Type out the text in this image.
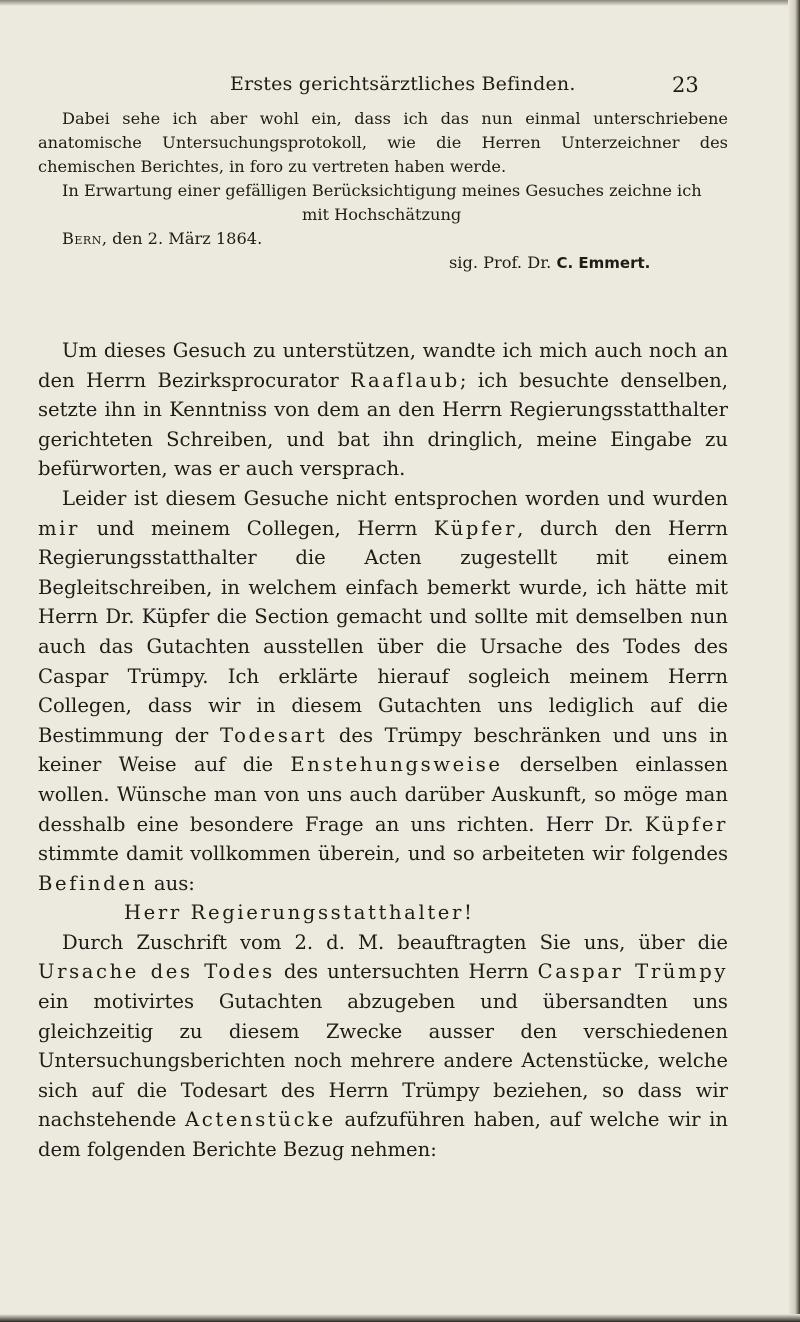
Erstes gerichtsärztliches Befinden.	23

Dabei sehe ich aber wohl ein, dass ich das nun einmal unterschriebene anatomische Untersuchungsprotokoll, wie die Herren Unterzeichner des chemischen Berichtes, in foro zu vertreten haben werde.

In Erwartung einer gefälligen Berücksichtigung meines Gesuches zeichne ich

mit Hochschätzung

Bern, den 2. März 1864.

sig. Prof. Dr. C. Emmert.

Um dieses Gesuch zu unterstützen, wandte ich mich auch noch an den Herrn Bezirksprocurator Raaflaub; ich besuchte denselben, setzte ihn in Kenntniss von dem an den Herrn Regierungsstatthalter gerichteten Schreiben, und bat ihn dringlich, meine Eingabe zu befürworten, was er auch versprach.

Leider ist diesem Gesuche nicht entsprochen worden und wurden mir und meinem Collegen, Herrn Küpfer, durch den Herrn Regierungsstatthalter die Acten zugestellt mit einem Begleitschreiben, in welchem einfach bemerkt wurde, ich hätte mit Herrn Dr. Küpfer die Section gemacht und sollte mit demselben nun auch das Gutachten ausstellen über die Ursache des Todes des Caspar Trümpy. Ich erklärte hierauf sogleich meinem Herrn Collegen, dass wir in diesem Gutachten uns lediglich auf die Bestimmung der Todesart des Trümpy beschränken und uns in keiner Weise auf die Enstehungsweise derselben einlassen wollen. Wünsche man von uns auch darüber Auskunft, so möge man desshalb eine besondere Frage an uns richten. Herr Dr. Küpfer stimmte damit vollkommen überein, und so arbeiteten wir folgendes Befinden aus:

Herr Regierungsstatthalter!

Durch Zuschrift vom 2. d. M. beauftragten Sie uns, über die Ursache des Todes des untersuchten Herrn Caspar Trümpy ein motivirtes Gutachten abzugeben und übersandten uns gleichzeitig zu diesem Zwecke ausser den verschiedenen Untersuchungsberichten noch mehrere andere Actenstücke, welche sich auf die Todesart des Herrn Trümpy beziehen, so dass wir nachstehende Actenstücke aufzuführen haben, auf welche wir in dem folgenden Berichte Bezug nehmen:
